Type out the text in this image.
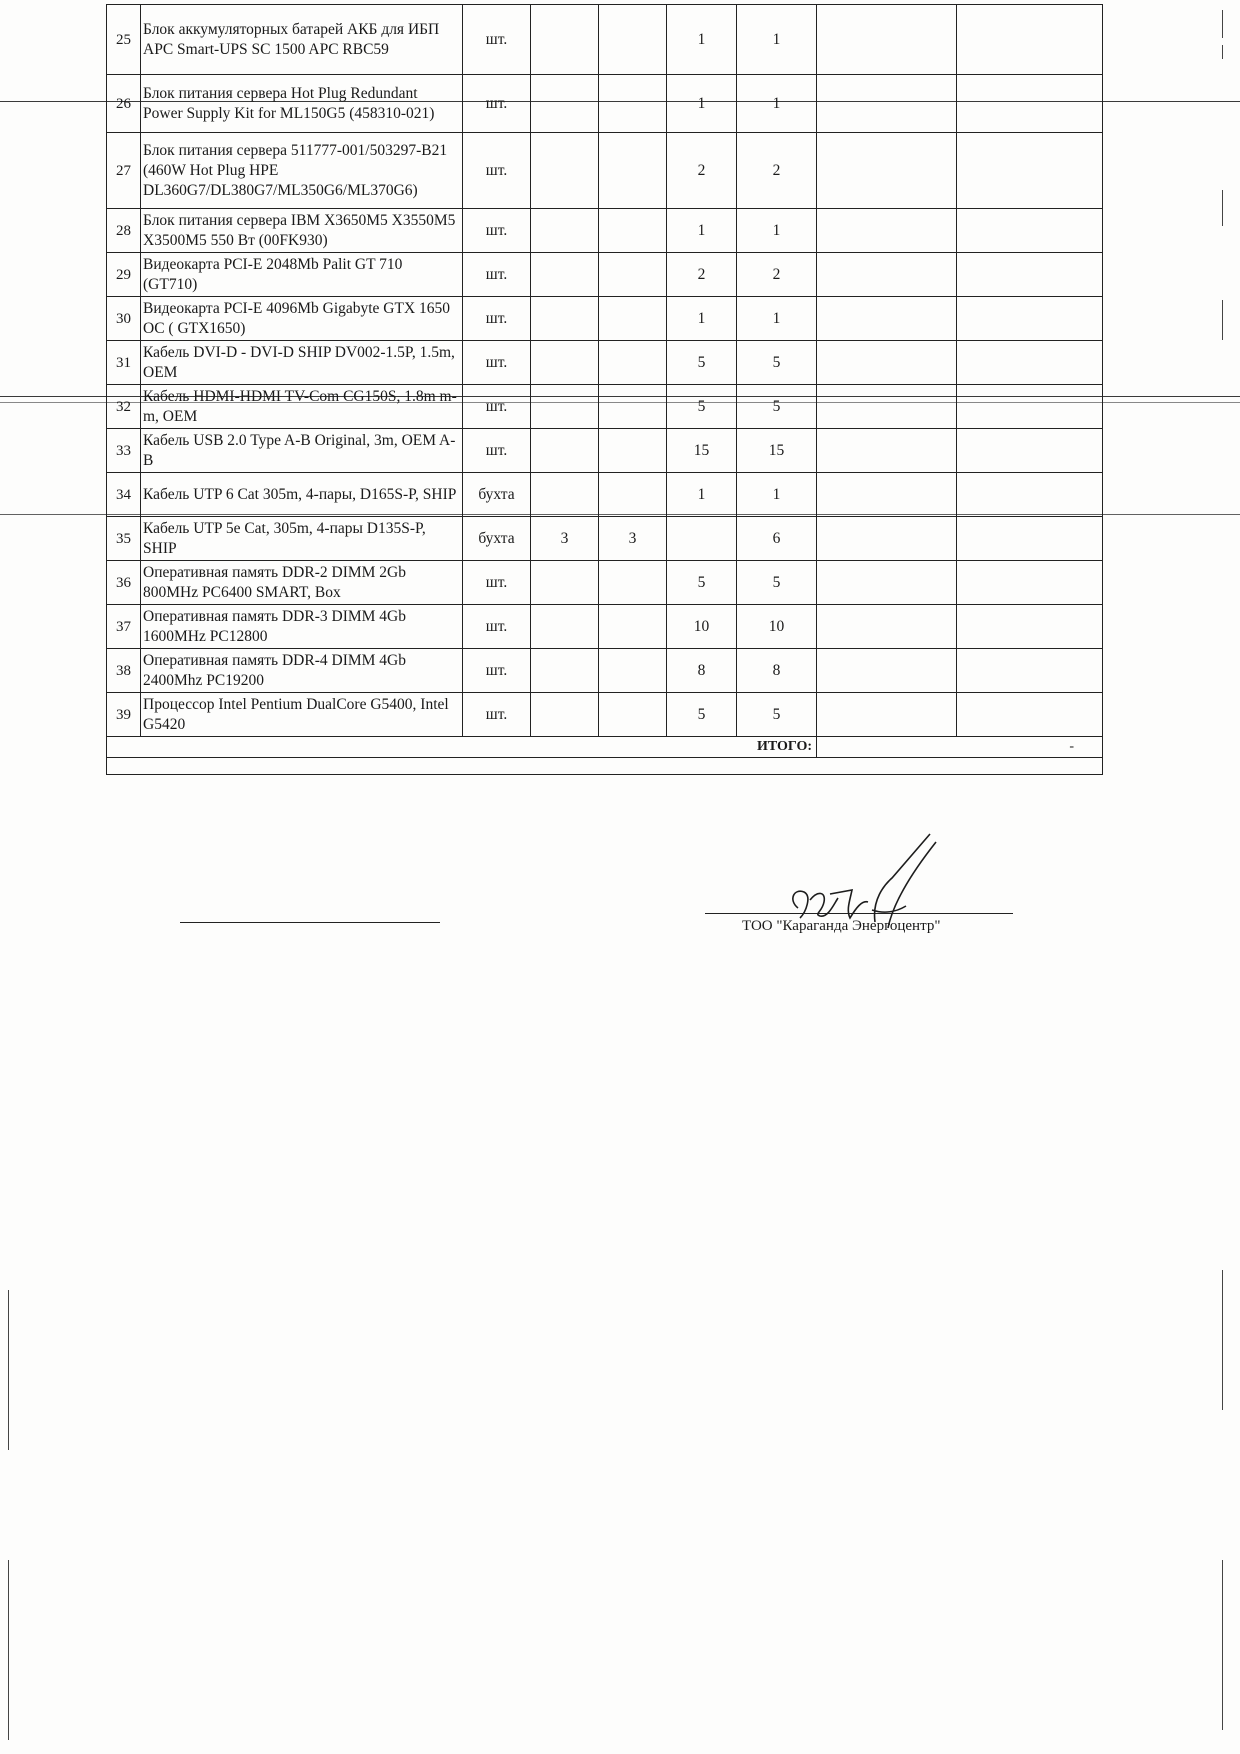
25	Блок аккумуляторных батарей АКБ для ИБП APC Smart-UPS SC 1500 APC RBC59	шт.			1	1		
26	Блок питания сервера Hot Plug Redundant Power Supply Kit for ML150G5 (458310-021)	шт.			1	1		
27	Блок питания сервера 511777-001/503297-B21 (460W Hot Plug HPE DL360G7/DL380G7/ML350G6/ML370G6)	шт.			2	2		
28	Блок питания сервера IBM X3650M5 X3550M5 X3500M5 550 Вт (00FK930)	шт.			1	1		
29	Видеокарта PCI-E 2048Mb Palit GT 710 (GT710)	шт.			2	2		
30	Видеокарта PCI-E 4096Mb Gigabyte GTX 1650 OC ( GTX1650)	шт.			1	1		
31	Кабель DVI-D - DVI-D SHIP DV002-1.5P, 1.5m, OEM	шт.			5	5		
32	Кабель HDMI-HDMI TV-Com CG150S, 1.8m m-m, OEM	шт.			5	5		
33	Кабель USB 2.0 Type A-B Original, 3m, OEM A-B	шт.			15	15		
34	Кабель UTP 6 Cat 305m, 4-пары, D165S-P, SHIP	бухта			1	1		
35	Кабель UTP 5e Cat, 305m, 4-пары D135S-P, SHIP	бухта	3	3		6		
36	Оперативная память DDR-2 DIMM 2Gb 800MHz PC6400 SMART, Box	шт.			5	5		
37	Оперативная память DDR-3 DIMM 4Gb 1600MHz PC12800	шт.			10	10		
38	Оперативная память DDR-4 DIMM 4Gb 2400Mhz PC19200	шт.			8	8		
39	Процессор Intel Pentium DualCore G5400, Intel G5420	шт.			5	5		
ИТОГО:							-	

ТОО "Караганда Энергоцентр"
